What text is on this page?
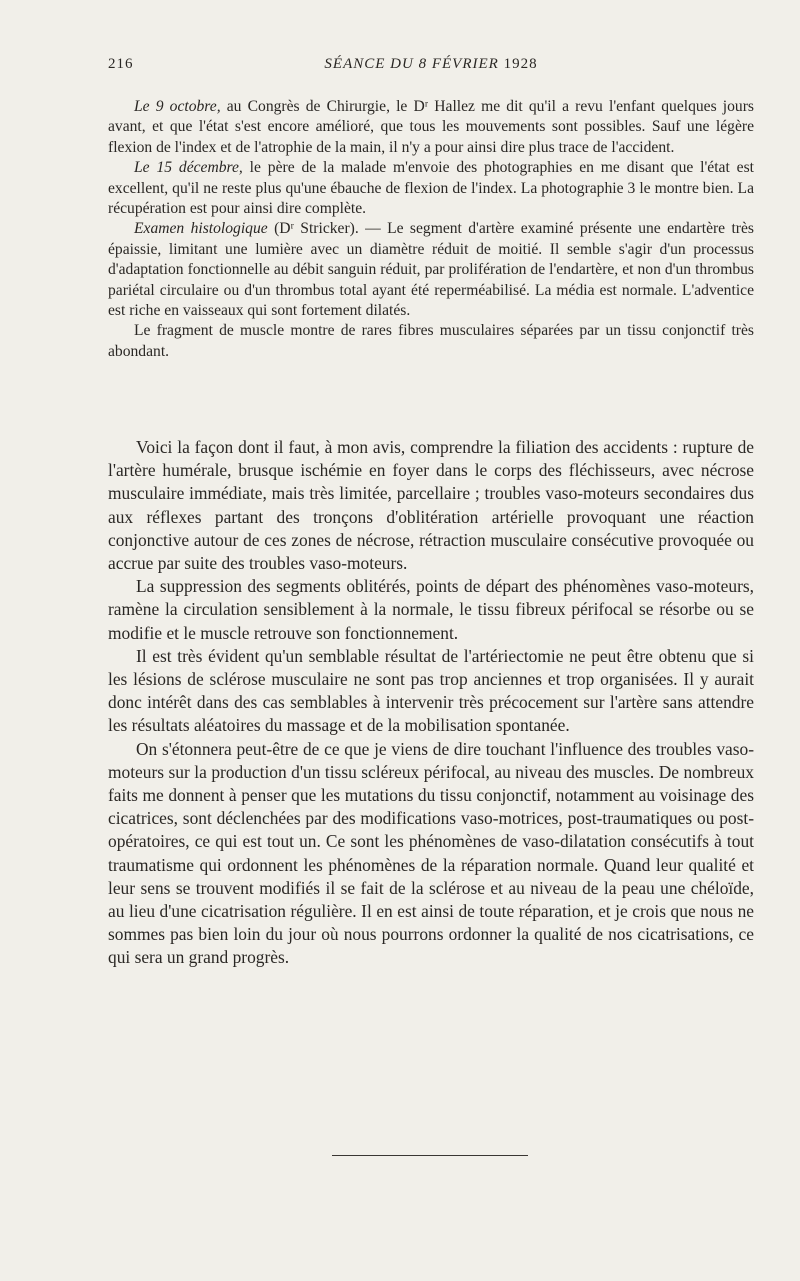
216	SÉANCE DU 8 FÉVRIER 1928

Le 9 octobre, au Congrès de Chirurgie, le Dʳ Hallez me dit qu'il a revu l'enfant quelques jours avant, et que l'état s'est encore amélioré, que tous les mouvements sont possibles. Sauf une légère flexion de l'index et de l'atrophie de la main, il n'y a pour ainsi dire plus trace de l'accident.

Le 15 décembre, le père de la malade m'envoie des photographies en me disant que l'état est excellent, qu'il ne reste plus qu'une ébauche de flexion de l'index. La photographie 3 le montre bien. La récupération est pour ainsi dire complète.

Examen histologique (Dʳ Stricker). — Le segment d'artère examiné présente une endartère très épaissie, limitant une lumière avec un diamètre réduit de moitié. Il semble s'agir d'un processus d'adaptation fonctionnelle au débit sanguin réduit, par prolifération de l'endartère, et non d'un thrombus pariétal circulaire ou d'un thrombus total ayant été reperméabilisé. La média est normale. L'adventice est riche en vaisseaux qui sont fortement dilatés.

Le fragment de muscle montre de rares fibres musculaires séparées par un tissu conjonctif très abondant.

Voici la façon dont il faut, à mon avis, comprendre la filiation des accidents : rupture de l'artère humérale, brusque ischémie en foyer dans le corps des fléchisseurs, avec nécrose musculaire immédiate, mais très limitée, parcellaire ; troubles vaso-moteurs secondaires dus aux réflexes partant des tronçons d'oblitération artérielle provoquant une réaction conjonctive autour de ces zones de nécrose, rétraction musculaire consécutive provoquée ou accrue par suite des troubles vaso-moteurs.

La suppression des segments oblitérés, points de départ des phénomènes vaso-moteurs, ramène la circulation sensiblement à la normale, le tissu fibreux périfocal se résorbe ou se modifie et le muscle retrouve son fonctionnement.

Il est très évident qu'un semblable résultat de l'artériectomie ne peut être obtenu que si les lésions de sclérose musculaire ne sont pas trop anciennes et trop organisées. Il y aurait donc intérêt dans des cas semblables à intervenir très précocement sur l'artère sans attendre les résultats aléatoires du massage et de la mobilisation spontanée.

On s'étonnera peut-être de ce que je viens de dire touchant l'influence des troubles vaso-moteurs sur la production d'un tissu scléreux périfocal, au niveau des muscles. De nombreux faits me donnent à penser que les mutations du tissu conjonctif, notamment au voisinage des cicatrices, sont déclenchées par des modifications vaso-motrices, post-traumatiques ou post-opératoires, ce qui est tout un. Ce sont les phénomènes de vaso-dilatation consécutifs à tout traumatisme qui ordonnent les phénomènes de la réparation normale. Quand leur qualité et leur sens se trouvent modifiés il se fait de la sclérose et au niveau de la peau une chéloïde, au lieu d'une cicatrisation régulière. Il en est ainsi de toute réparation, et je crois que nous ne sommes pas bien loin du jour où nous pourrons ordonner la qualité de nos cicatrisations, ce qui sera un grand progrès.
